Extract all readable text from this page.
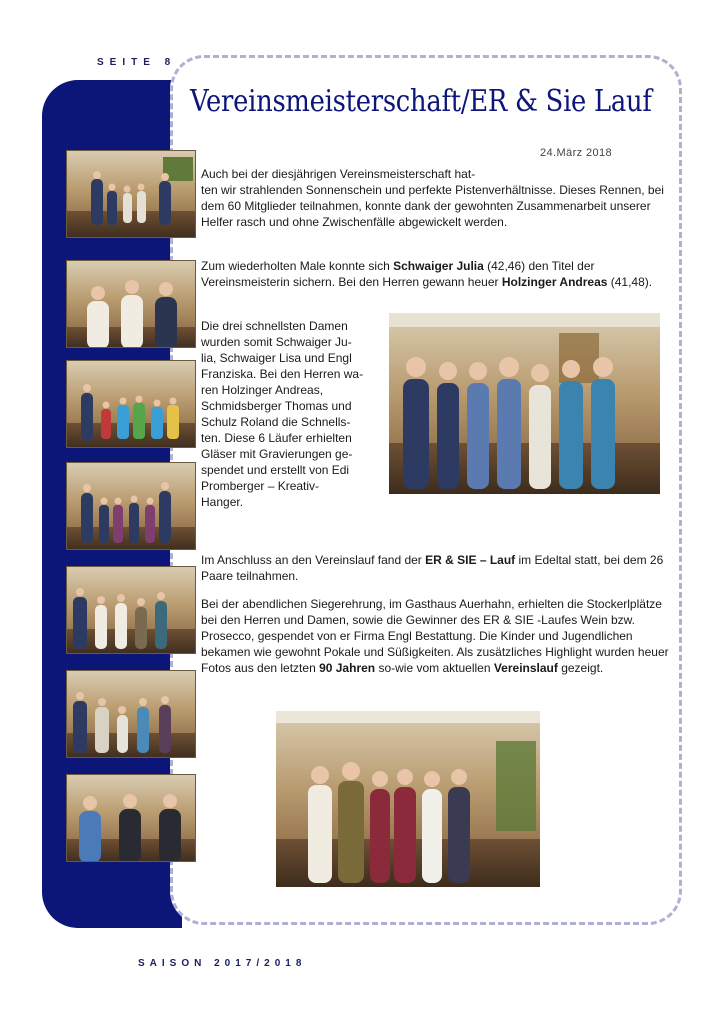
SEITE 8
Vereinsmeisterschaft/ER & Sie Lauf
24.März 2018

Auch bei der diesjährigen Vereinsmeisterschaft hat-
ten wir strahlenden Sonnenschein und perfekte Pistenverhältnisse. Dieses Rennen, bei dem 60 Mitglieder teilnahmen, konnte dank der gewohnten Zusammenarbeit unserer Helfer rasch und ohne Zwischenfälle abgewickelt werden.

Zum wiederholten Male konnte sich Schwaiger Julia (42,46) den Titel der Vereinsmeisterin sichern. Bei den Herren gewann heuer Holzinger Andreas (41,48).

Die drei schnellsten Damen
wurden somit Schwaiger Ju-
lia, Schwaiger Lisa und Engl
Franziska. Bei den Herren wa-
ren Holzinger Andreas,
Schmidsberger Thomas und
Schulz Roland die Schnells-
ten. Diese 6 Läufer erhielten
Gläser mit Gravierungen ge-
spendet und erstellt von Edi
Promberger – Kreativ-
Hanger.

Im Anschluss an den Vereinslauf fand der ER & SIE – Lauf im Edeltal statt, bei dem 26 Paare teilnahmen.

Bei der abendlichen Siegerehrung, im Gasthaus Auerhahn, erhielten die Stockerlplätze bei den Herren und Damen, sowie die Gewinner des ER & SIE -Laufes Wein bzw. Prosecco, gespendet von er Firma Engl Bestattung. Die Kinder und Jugendlichen bekamen wie gewohnt Pokale und Süßigkeiten. Als zusätzliches Highlight wurden heuer Fotos aus den letzten 90 Jahren so-wie vom aktuellen Vereinslauf gezeigt.

SAISON 2017/2018
